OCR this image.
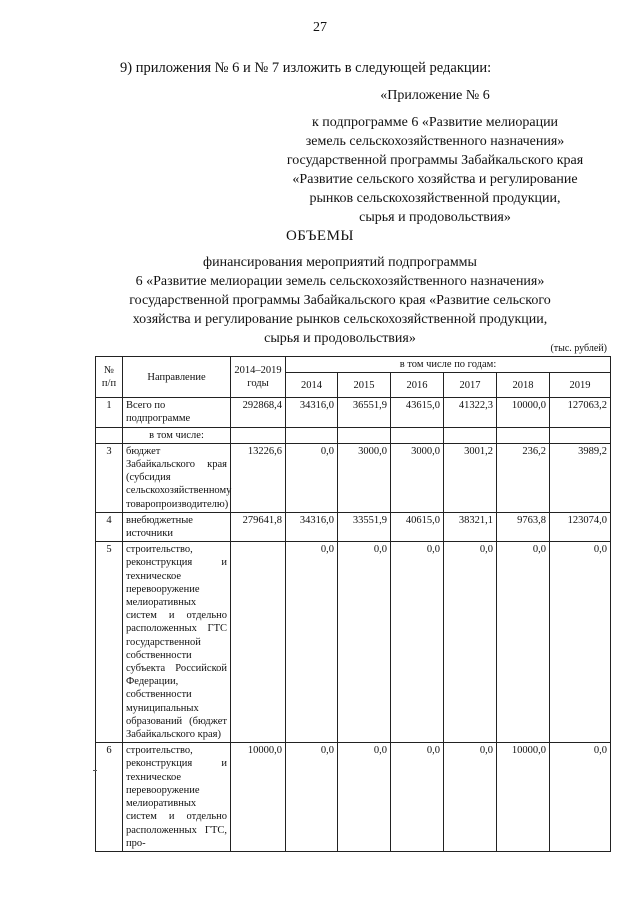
27
9) приложения № 6 и № 7 изложить в следующей редакции:
«Приложение № 6
к подпрограмме 6 «Развитие мелиорации
земель сельскохозяйственного назначения»
государственной программы Забайкальского края
«Развитие сельского хозяйства и регулирование
рынков сельскохозяйственной продукции,
сырья и продовольствия»
ОБЪЕМЫ
финансирования мероприятий подпрограммы
6 «Развитие мелиорации земель сельскохозяйственного назначения»
государственной программы Забайкальского края «Развитие сельского
хозяйства и регулирование рынков сельскохозяйственной продукции,
сырья и продовольствия»
(тыс. рублей)
№ п/п	Направление	2014–2019 годы	в том числе по годам:					
			2014	2015	2016	2017	2018	2019
1	Всего по подпрограмме	292868,4	34316,0	36551,9	43615,0	41322,3	10000,0	127063,2
	в том числе:							
3	бюджет Забайкальского края (субсидия сельскохозяйственному товаропроизводителю)	13226,6	0,0	3000,0	3000,0	3001,2	236,2	3989,2
4	внебюджетные источники	279641,8	34316,0	33551,9	40615,0	38321,1	9763,8	123074,0
5	строительство, реконструкция и техническое перевооружение мелиоративных систем и отдельно расположенных ГТС государственной собственности субъекта Российской Федерации, собственности муниципальных образований (бюджет Забайкальского края)		0,0	0,0	0,0	0,0	0,0	0,0
6	строительство, реконструкция и техническое перевооружение мелиоративных систем и отдельно расположенных ГТС, про-	10000,0	0,0	0,0	0,0	0,0	10000,0	0,0
